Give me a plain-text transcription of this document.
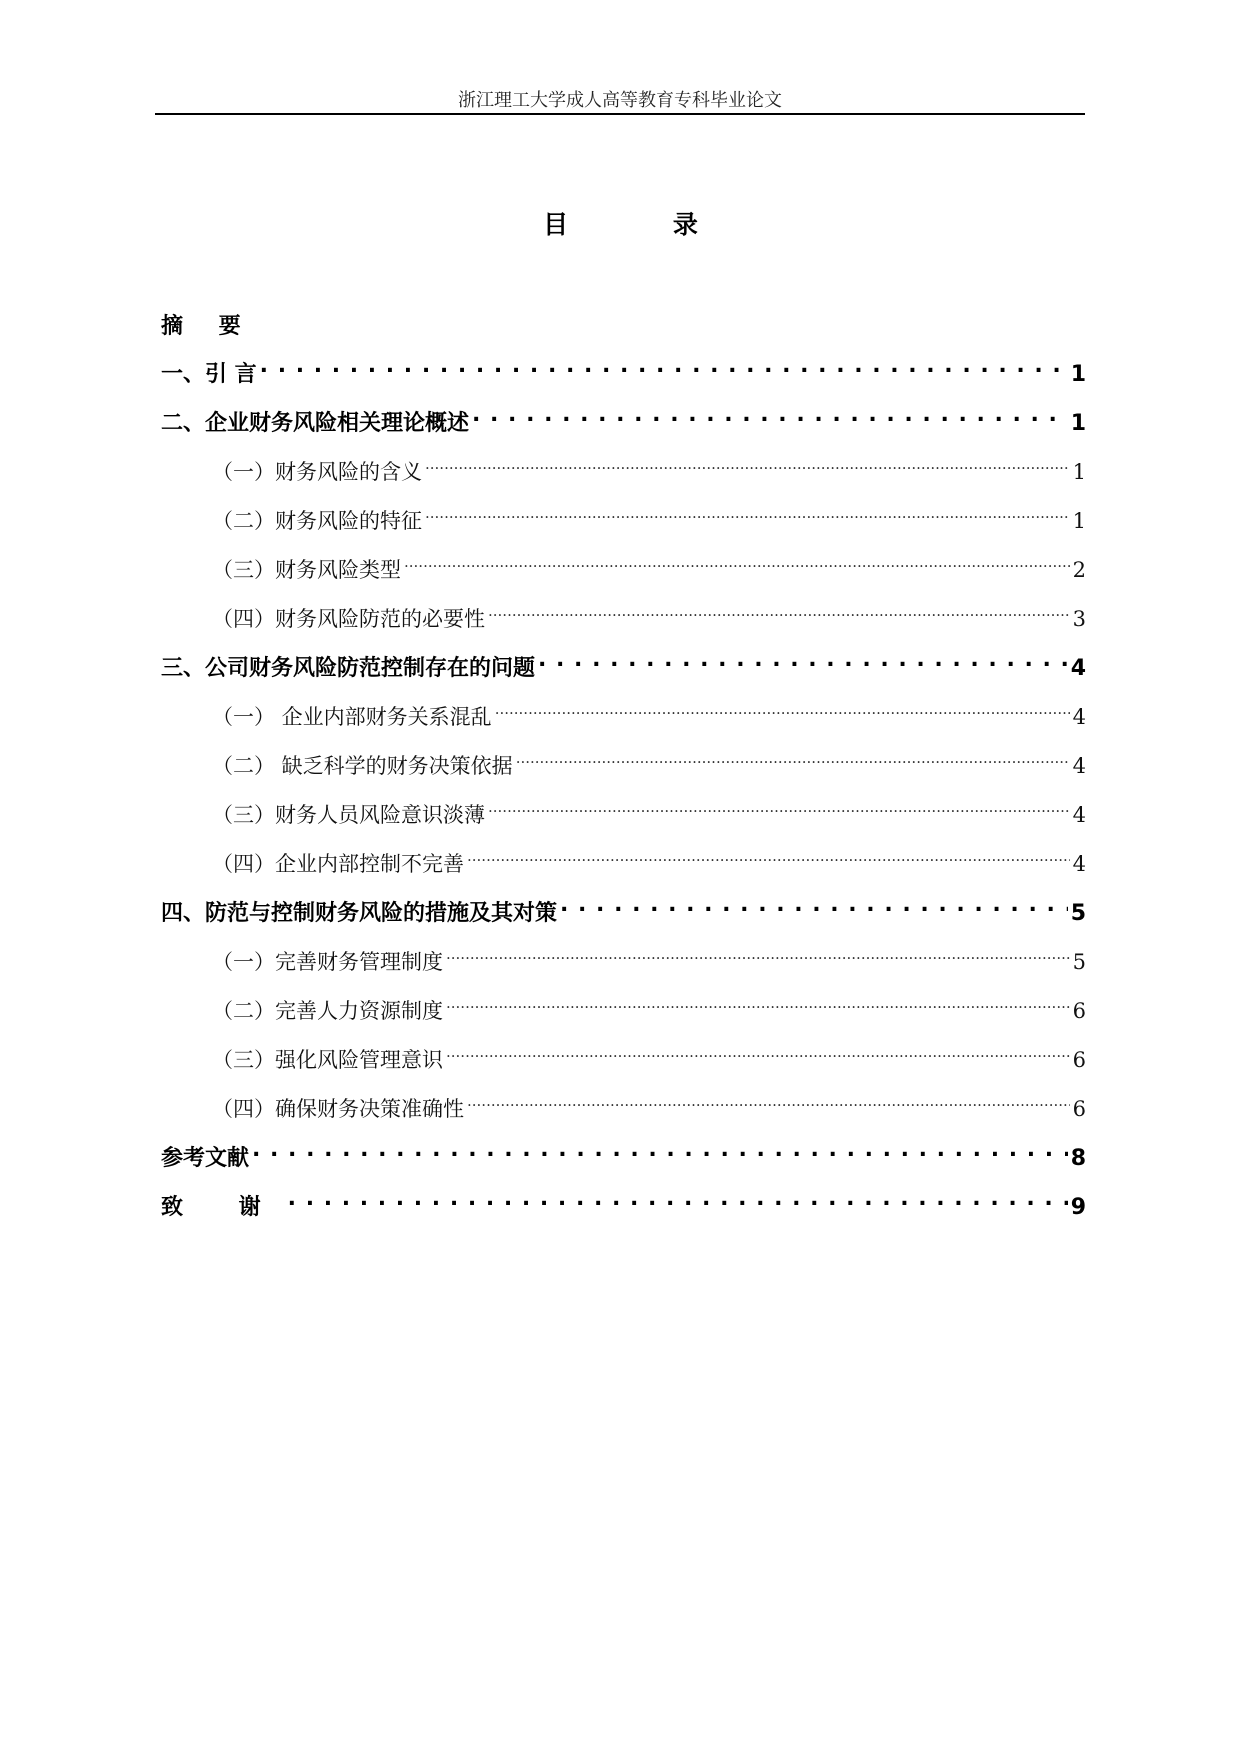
浙江理工大学成人高等教育专科毕业论文
目 录
摘 要
一、引 言 . . .	1
二、企业财务风险相关理论概述 . . .	1
（一）财务风险的含义 .....	1
（二）财务风险的特征 .....	1
（三）财务风险类型 .....	2
（四）财务风险防范的必要性 .....	3
三、公司财务风险防范控制存在的问题 . . .	4
（一） 企业内部财务关系混乱 .....	4
（二） 缺乏科学的财务决策依据 .....	4
（三）财务人员风险意识淡薄 .....	4
（四）企业内部控制不完善 .....	4
四、防范与控制财务风险的措施及其对策 . . .	5
（一）完善财务管理制度 .....	5
（二）完善人力资源制度 .....	6
（三）强化风险管理意识 .....	6
（四）确保财务决策准确性 .....	6
参考文献 . . .	8
致 谢 . . .	9
